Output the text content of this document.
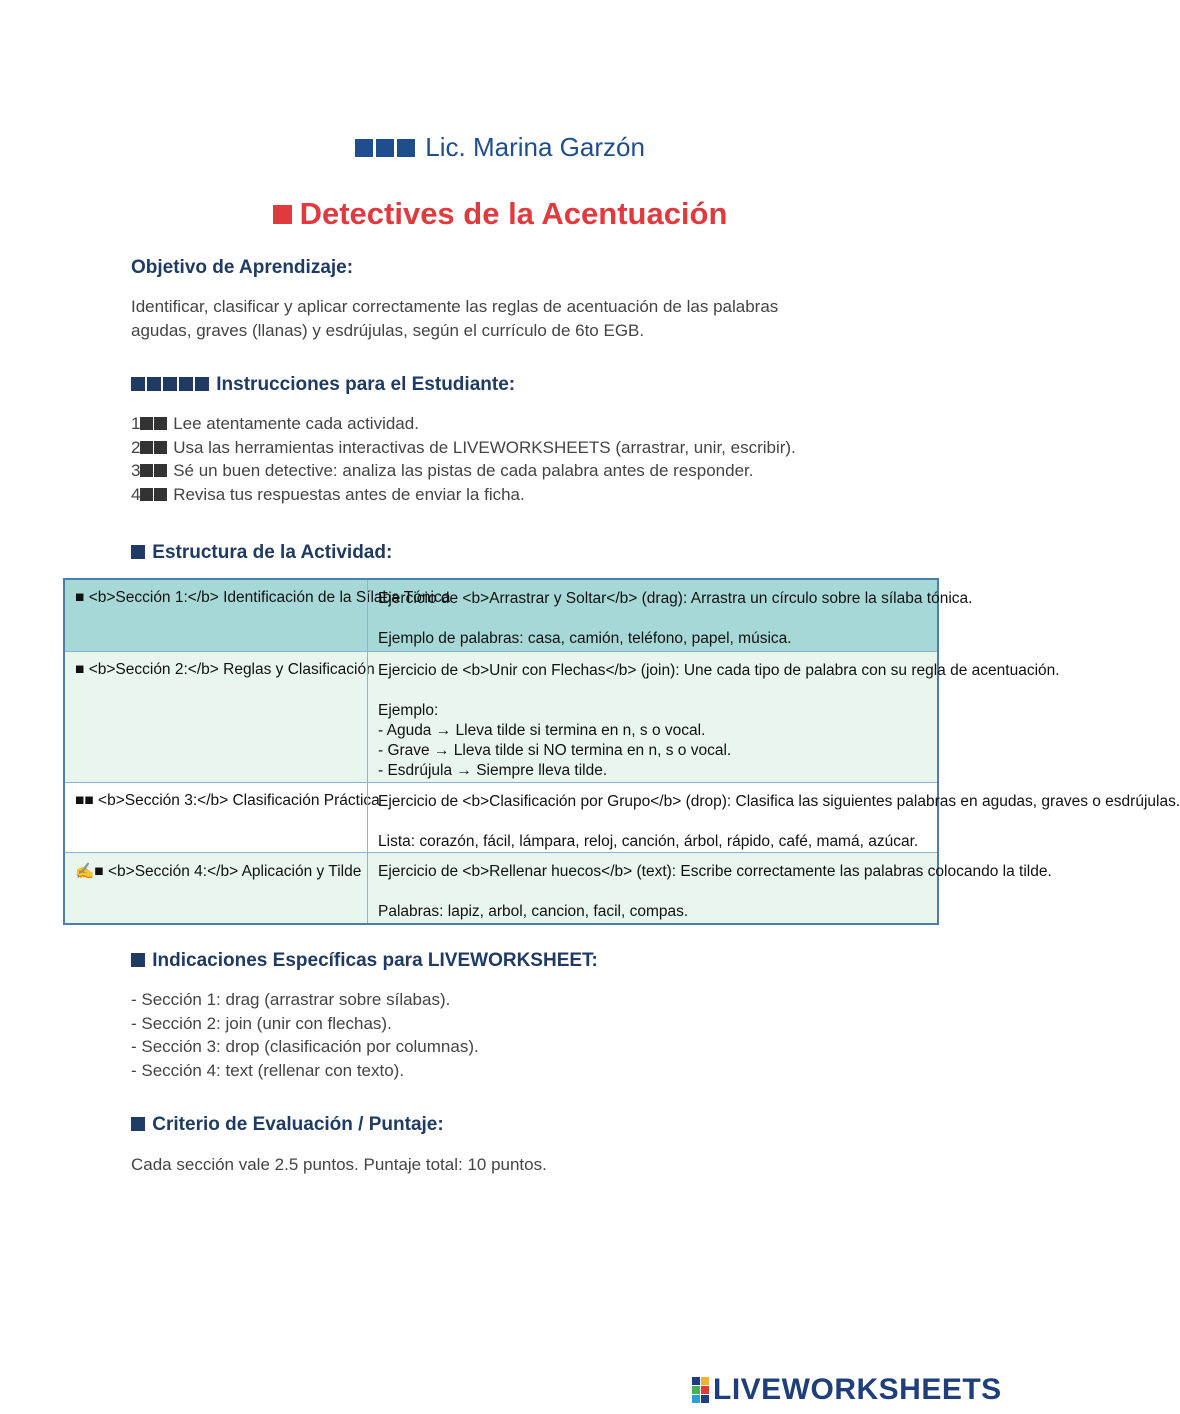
Lic. Marina Garzón
Detectives de la Acentuación
Objetivo de Aprendizaje:
Identificar, clasificar y aplicar correctamente las reglas de acentuación de las palabras
agudas, graves (llanas) y esdrújulas, según el currículo de 6to EGB.
Instrucciones para el Estudiante:
1 Lee atentamente cada actividad.
2 Usa las herramientas interactivas de LIVEWORKSHEETS (arrastrar, unir, escribir).
3 Sé un buen detective: analiza las pistas de cada palabra antes de responder.
4 Revisa tus respuestas antes de enviar la ficha.
Estructura de la Actividad:
■ <b>Sección 1:</b> Identificación de la Sílaba Tónica
Ejercicio de <b>Arrastrar y Soltar</b> (drag): Arrastra un círculo sobre la sílaba tónica.
Ejemplo de palabras: casa, camión, teléfono, papel, música.
■ <b>Sección 2:</b> Reglas y Clasificación Ejercicio de <b>Unir con Flechas</b> (join): Une cada tipo de palabra con su regla de acentuación.
Ejemplo:
- Aguda → Lleva tilde si termina en n, s o vocal.
- Grave → Lleva tilde si NO termina en n, s o vocal.
- Esdrújula → Siempre lleva tilde.
■■ <b>Sección 3:</b> Clasificación Práctica
Ejercicio de <b>Clasificación por Grupo</b> (drop): Clasifica las siguientes palabras en agudas, graves o esdrújulas.
Lista: corazón, fácil, lámpara, reloj, canción, árbol, rápido, café, mamá, azúcar.
✍■ <b>Sección 4:</b> Aplicación y Tilde Ejercicio de <b>Rellenar huecos</b> (text): Escribe correctamente las palabras colocando la tilde.
Palabras: lapiz, arbol, cancion, facil, compas.
Indicaciones Específicas para LIVEWORKSHEET:
- Sección 1: drag (arrastrar sobre sílabas).
- Sección 2: join (unir con flechas).
- Sección 3: drop (clasificación por columnas).
- Sección 4: text (rellenar con texto).
Criterio de Evaluación / Puntaje:
Cada sección vale 2.5 puntos. Puntaje total: 10 puntos.
LIVEWORKSHEETS
